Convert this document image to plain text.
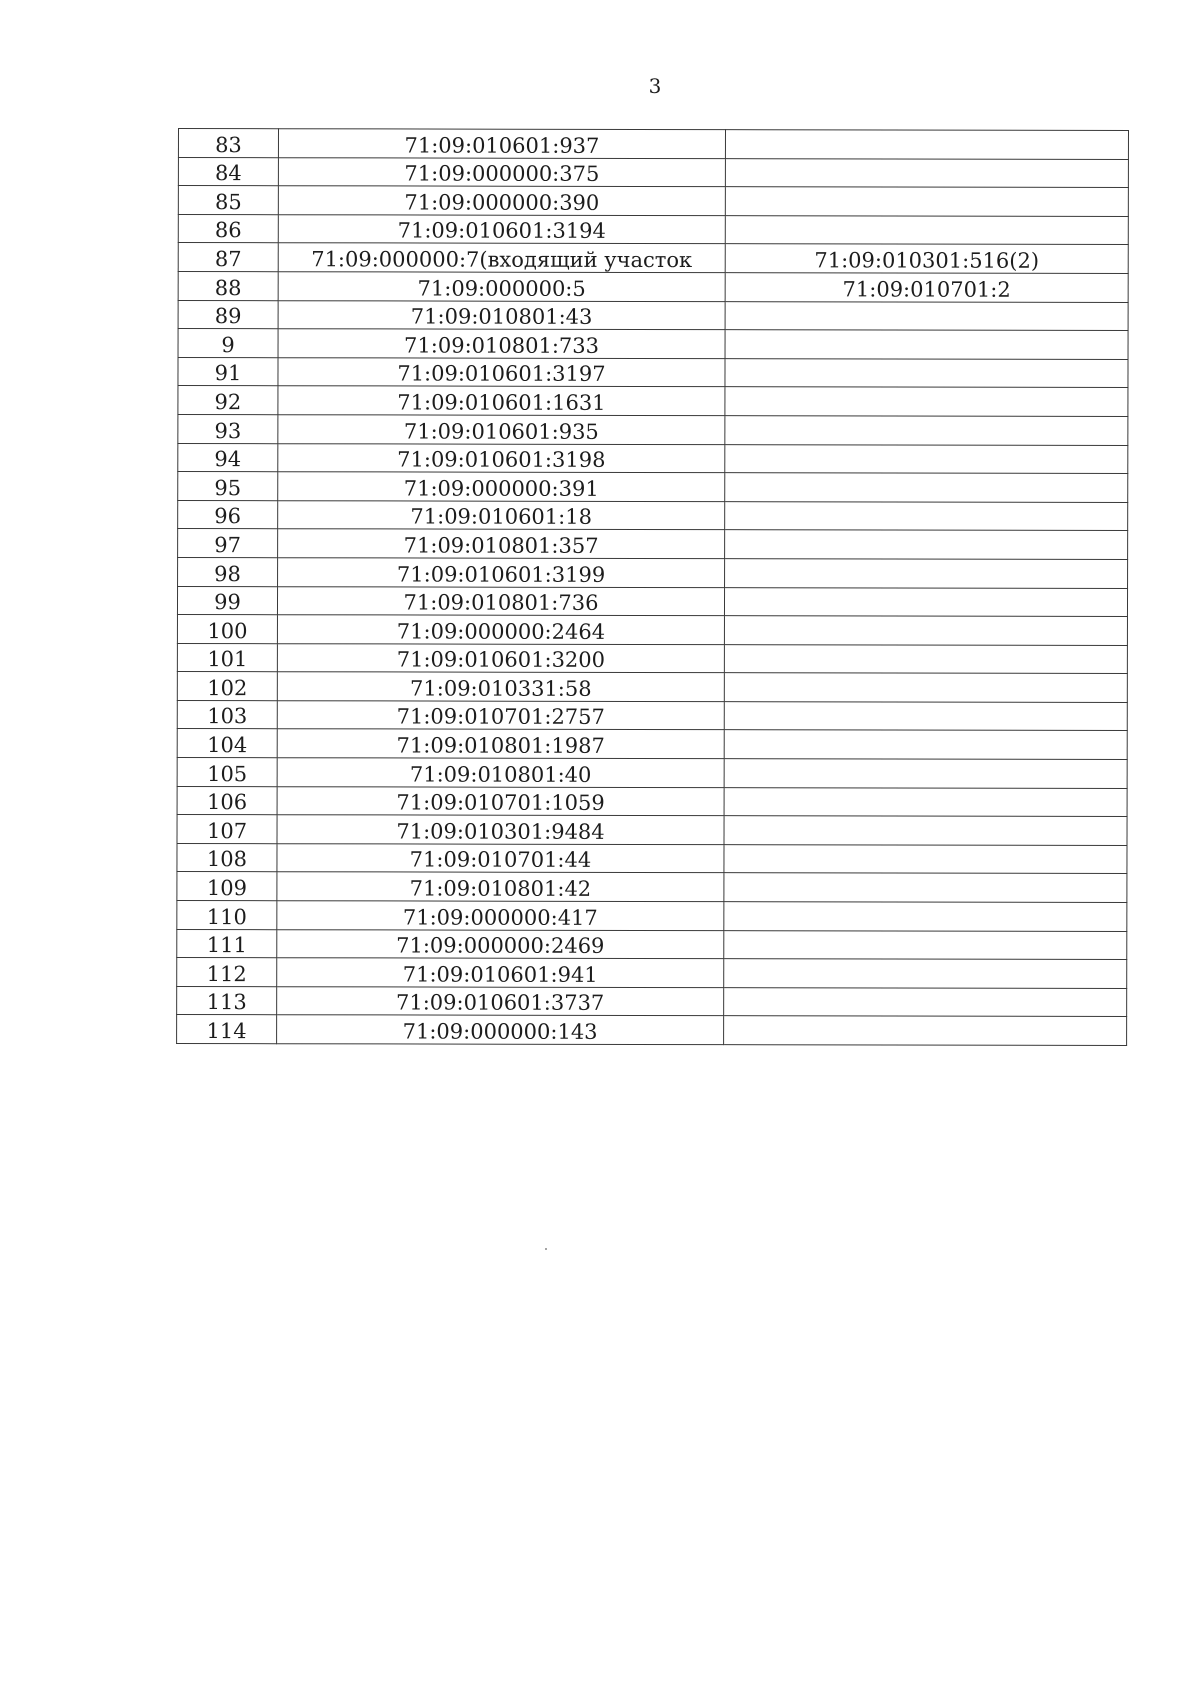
3
83	71:09:010601:937	
84	71:09:000000:375	
85	71:09:000000:390	
86	71:09:010601:3194	
87	71:09:000000:7(входящий участок	71:09:010301:516(2)
88	71:09:000000:5	71:09:010701:2
89	71:09:010801:43	
9	71:09:010801:733	
91	71:09:010601:3197	
92	71:09:010601:1631	
93	71:09:010601:935	
94	71:09:010601:3198	
95	71:09:000000:391	
96	71:09:010601:18	
97	71:09:010801:357	
98	71:09:010601:3199	
99	71:09:010801:736	
100	71:09:000000:2464	
101	71:09:010601:3200	
102	71:09:010331:58	
103	71:09:010701:2757	
104	71:09:010801:1987	
105	71:09:010801:40	
106	71:09:010701:1059	
107	71:09:010301:9484	
108	71:09:010701:44	
109	71:09:010801:42	
110	71:09:000000:417	
111	71:09:000000:2469	
112	71:09:010601:941	
113	71:09:010601:3737	
114	71:09:000000:143	
